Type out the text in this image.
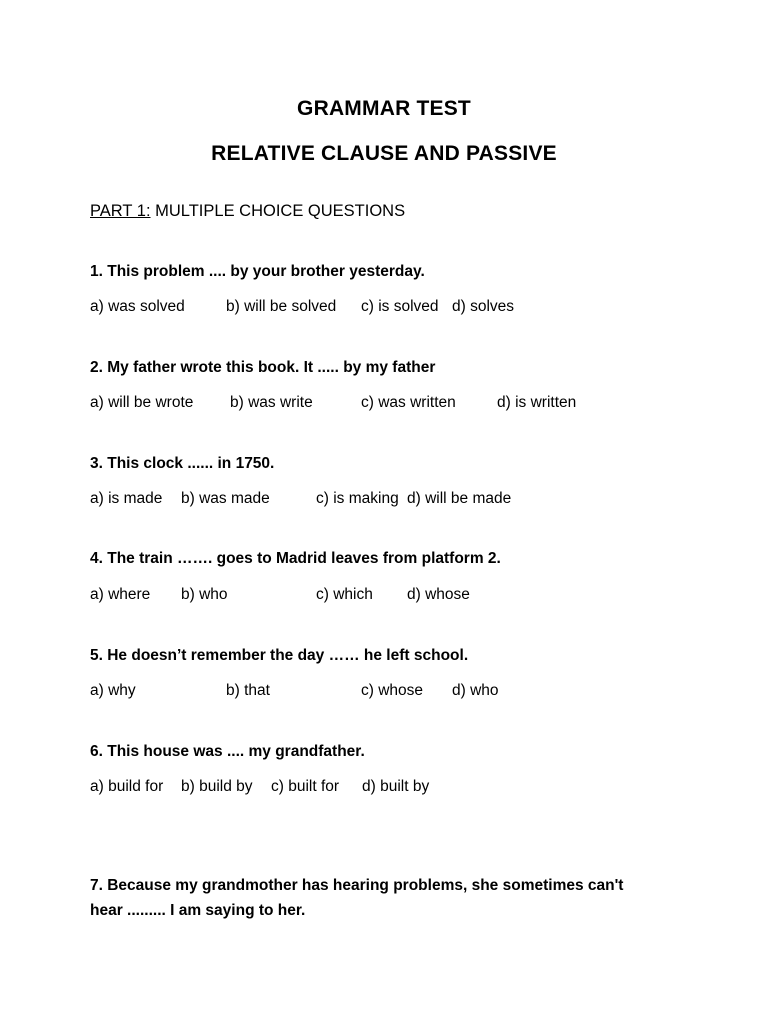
GRAMMAR TEST
RELATIVE CLAUSE AND PASSIVE
PART 1: MULTIPLE CHOICE QUESTIONS
1. This problem .... by your brother yesterday.
a) was solved	b) will be solved c) is solved d) solves
2. My father wrote this book. It ..... by my father
a) will be wrote b) was write	c) was written	d) is written
3. This clock ...... in 1750.
a) is made b) was made	c) is making d) will be made
4. The train ……. goes to Madrid leaves from platform 2.
a) where b) who	c) which d) whose
5. He doesn’t remember the day …… he left school.
a) why	b) that	c) whose d) who
6. This house was .... my grandfather.
a) build for b) build by c) built for d) built by
7. Because my grandmother has hearing problems, she sometimes can't
hear ......... I am saying to her.
